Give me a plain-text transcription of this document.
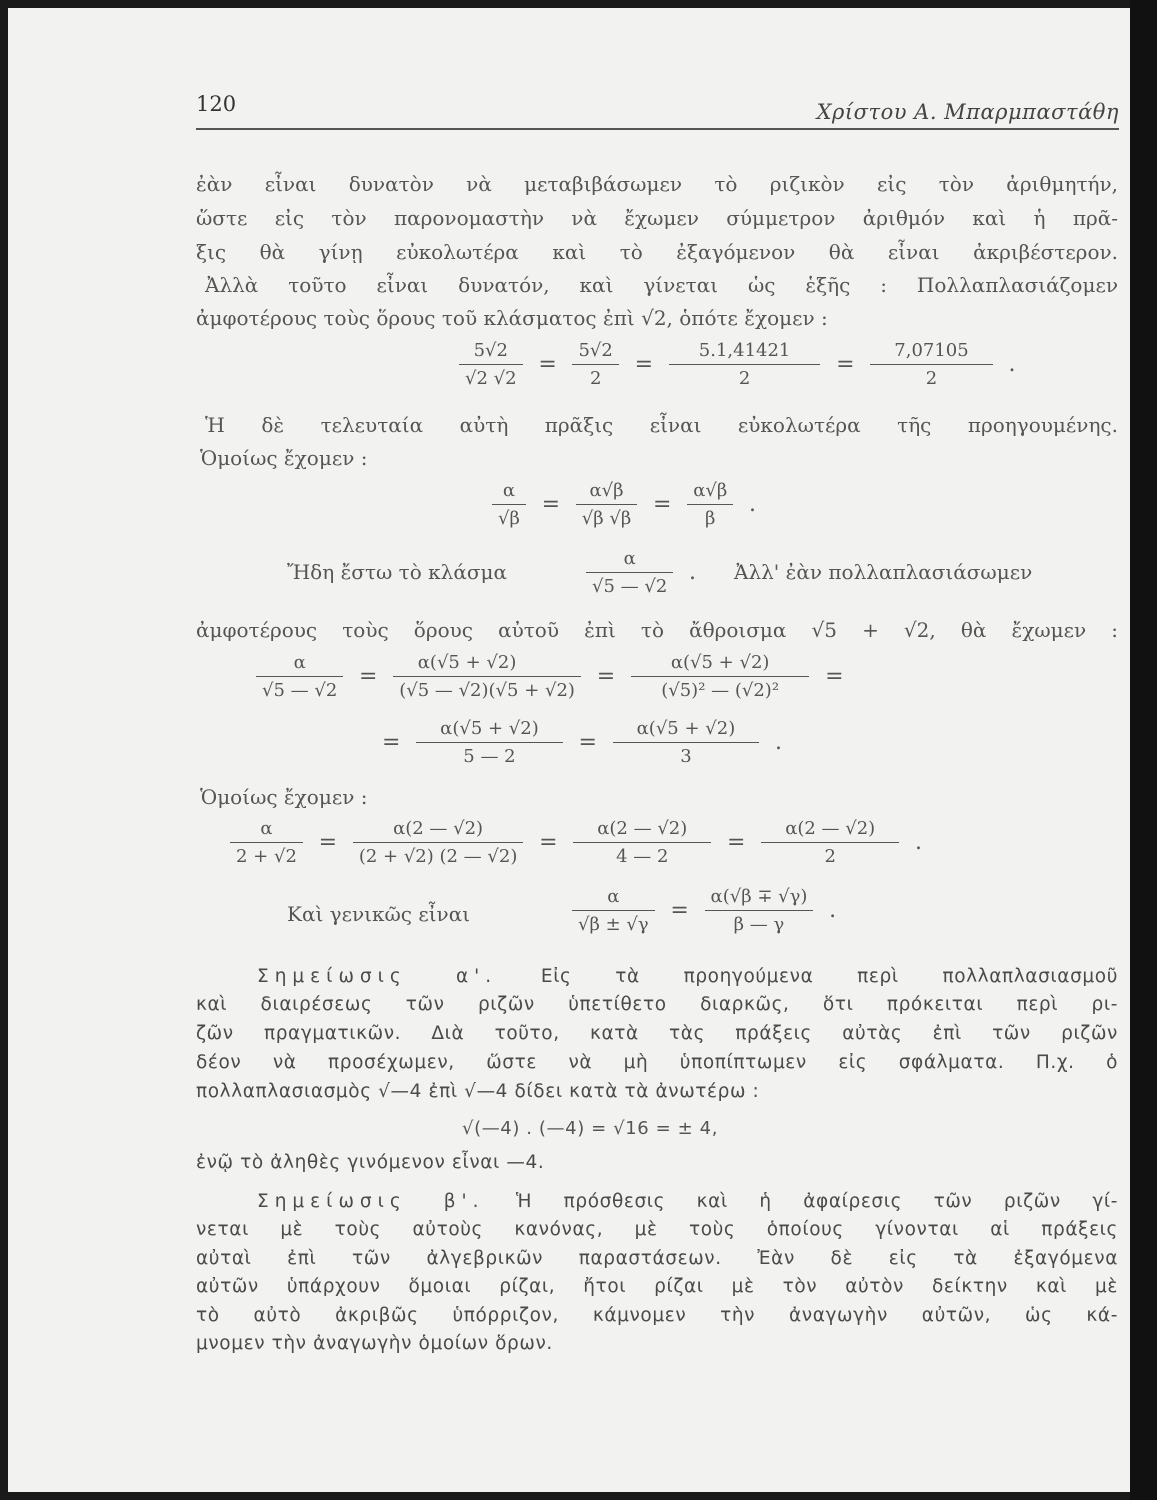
120	Χρίστου Α. Μπαρμπαστάθη
ἐὰν εἶναι δυνατὸν νὰ μεταβιβάσωμεν τὸ ριζικὸν εἰς τὸν ἀριθμητήν,
ὥστε εἰς τὸν παρονομαστὴν νὰ ἔχωμεν σύμμετρον ἀριθμόν καὶ ἡ πρᾶ-
ξις θὰ γίνῃ εὐκολωτέρα καὶ τὸ ἐξαγόμενον θὰ εἶναι ἀκριβέστερον.
Ἀλλὰ τοῦτο εἶναι δυνατόν, καὶ γίνεται ὡς ἑξῆς : Πολλαπλασιάζομεν
ἀμφοτέρους τοὺς ὅρους τοῦ κλάσματος ἐπὶ √2, ὁπότε ἔχομεν :
$\frac{5√2}{√2 √2} = \frac{5√2}{2} = \frac{5.1,41421}{2} = \frac{7,07105}{2}$ .
Ἡ δὲ τελευταία αὐτὴ πρᾶξις εἶναι εὐκολωτέρα τῆς προηγουμένης.
Ὁμοίως ἔχομεν :
$\frac{\alpha}{√\beta} = \frac{\alpha√\beta}{√\beta √\beta} = \frac{\alpha√\beta}{\beta}$ .
Ἤδη ἔστω τὸ κλάσμα	$\frac{\alpha}{√5 — √2}$ .	Ἀλλ' ἐὰν πολλαπλασιάσωμεν
ἀμφοτέρους τοὺς ὅρους αὐτοῦ ἐπὶ τὸ ἄθροισμα √5 + √2, θὰ ἔχωμεν :
$\frac{\alpha}{√5 — √2} = \frac{\alpha(√5 + √2)}{(√5 — √2)(√5 + √2)} = \frac{\alpha(√5 + √2)}{\text{(√5)² — (√2)²}}$ =
= $\frac{\alpha(√5 + √2)}{5 — 2} = \frac{\alpha(√5 + √2)}{3}$ .
Ὁμοίως ἔχομεν :
$\frac{\alpha}{2 + √2} = \frac{\alpha(2 — √2)}{(2 + √2) (2 — √2)} = \frac{\alpha(2 — √2)}{4 — 2} = \frac{\alpha(2 — √2)}{2}$ .
Καὶ γενικῶς εἶναι	$\frac{\alpha}{√\beta \pm √\gamma} = \frac{\alpha(√\beta \mp √\gamma)}{\beta — \gamma}$ .
Σημείωσις α'. Εἰς τὰ προηγούμενα περὶ πολλαπλασιασμοῦ
καὶ διαιρέσεως τῶν ριζῶν ὑπετίθετο διαρκῶς, ὅτι πρόκειται περὶ ρι-
ζῶν πραγματικῶν. Διὰ τοῦτο, κατὰ τὰς πράξεις αὐτὰς ἐπὶ τῶν ριζῶν
δέον νὰ προσέχωμεν, ὥστε νὰ μὴ ὑποπίπτωμεν εἰς σφάλματα. Π.χ. ὁ
πολλαπλασιασμὸς √—4 ἐπὶ √—4 δίδει κατὰ τὰ ἀνωτέρω :
√(—4) . (—4) = √16 = ± 4,
ἐνῷ τὸ ἀληθὲς γινόμενον εἶναι —4.
Σημείωσις β'. Ἡ πρόσθεσις καὶ ἡ ἀφαίρεσις τῶν ριζῶν γί-
νεται μὲ τοὺς αὐτοὺς κανόνας, μὲ τοὺς ὁποίους γίνονται αἱ πράξεις
αὐταὶ ἐπὶ τῶν ἀλγεβρικῶν παραστάσεων. Ἐὰν δὲ εἰς τὰ ἐξαγόμενα
αὐτῶν ὑπάρχουν ὅμοιαι ρίζαι, ἤτοι ρίζαι μὲ τὸν αὐτὸν δείκτην καὶ μὲ
τὸ αὐτὸ ἀκριβῶς ὑπόρριζον, κάμνομεν τὴν ἀναγωγὴν αὐτῶν, ὡς κά-
μνομεν τὴν ἀναγωγὴν ὁμοίων ὅρων.
